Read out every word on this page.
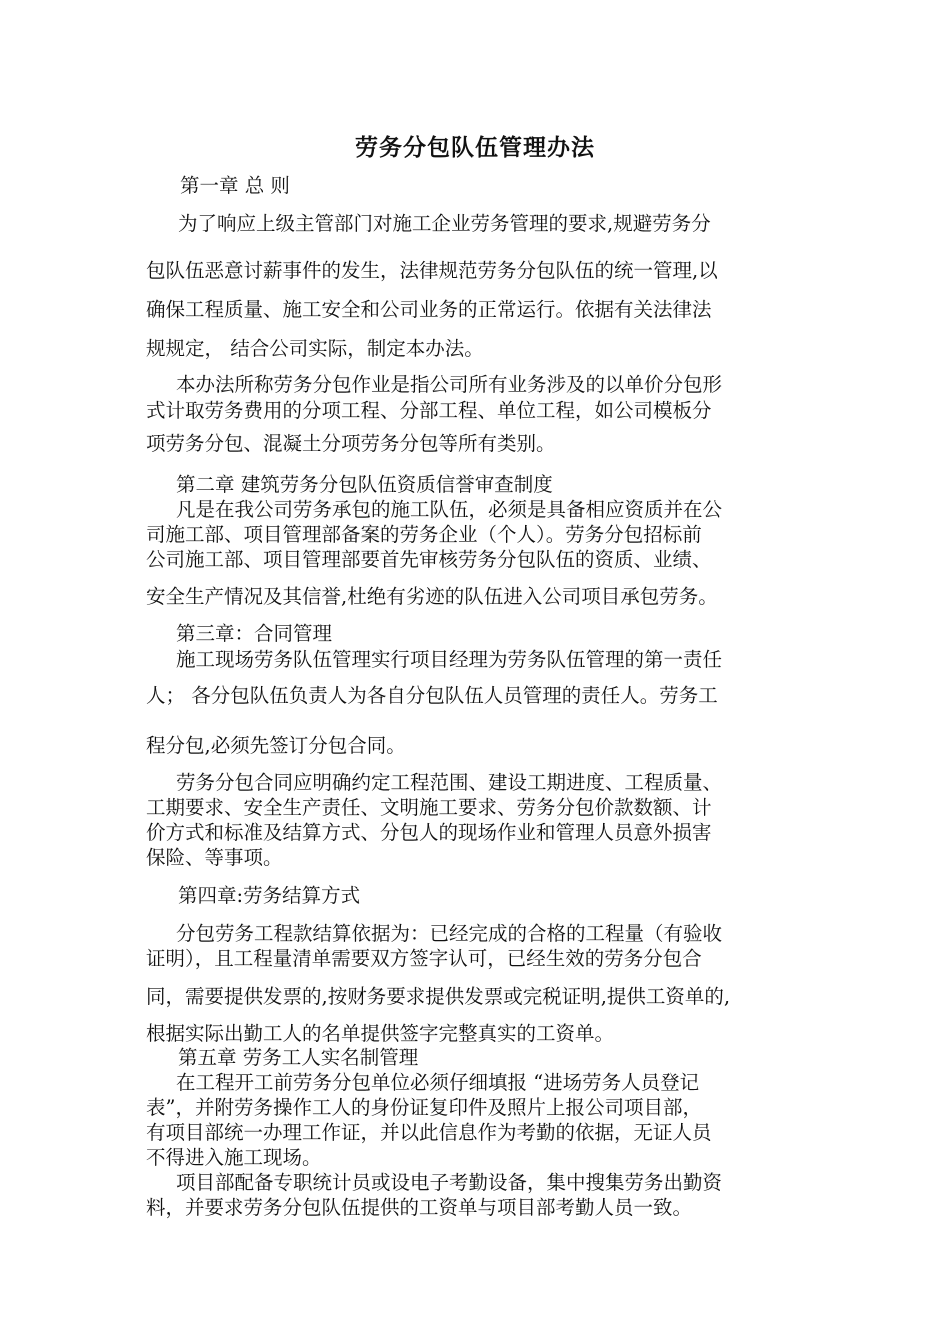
劳务分包队伍管理办法
第一章 总 则
为了响应上级主管部门对施工企业劳务管理的要求,规避劳务分
包队伍恶意讨薪事件的发生，法律规范劳务分包队伍的统一管理,以
确保工程质量、施工安全和公司业务的正常运行。依据有关法律法
规规定， 结合公司实际，制定本办法。
本办法所称劳务分包作业是指公司所有业务涉及的以单价分包形
式计取劳务费用的分项工程、分部工程、单位工程，如公司模板分
项劳务分包、混凝土分项劳务分包等所有类别。
第二章 建筑劳务分包队伍资质信誉审查制度
凡是在我公司劳务承包的施工队伍，必须是具备相应资质并在公
司施工部、项目管理部备案的劳务企业（个人）。劳务分包招标前
公司施工部、项目管理部要首先审核劳务分包队伍的资质、业绩、
安全生产情况及其信誉,杜绝有劣迹的队伍进入公司项目承包劳务。
第三章：合同管理
施工现场劳务队伍管理实行项目经理为劳务队伍管理的第一责任
人； 各分包队伍负责人为各自分包队伍人员管理的责任人。劳务工
程分包,必须先签订分包合同。
劳务分包合同应明确约定工程范围、建设工期进度、工程质量、
工期要求、安全生产责任、文明施工要求、劳务分包价款数额、计
价方式和标准及结算方式、分包人的现场作业和管理人员意外损害
保险、等事项。
第四章:劳务结算方式
分包劳务工程款结算依据为：已经完成的合格的工程量（有验收
证明），且工程量清单需要双方签字认可，已经生效的劳务分包合
同，需要提供发票的,按财务要求提供发票或完税证明,提供工资单的,
根据实际出勤工人的名单提供签字完整真实的工资单。
第五章 劳务工人实名制管理
在工程开工前劳务分包单位必须仔细填报 “进场劳务人员登记
表”，并附劳务操作工人的身份证复印件及照片上报公司项目部，
有项目部统一办理工作证，并以此信息作为考勤的依据，无证人员
不得进入施工现场。
项目部配备专职统计员或设电子考勤设备，集中搜集劳务出勤资
料，并要求劳务分包队伍提供的工资单与项目部考勤人员一致。
